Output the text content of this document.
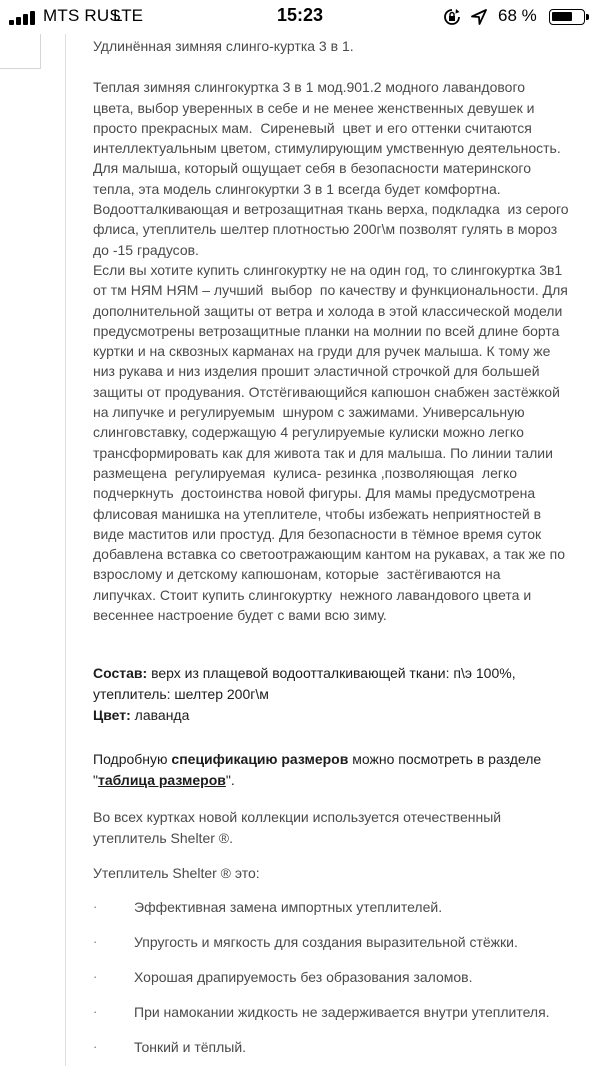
MTS RUS
LTE	15:23	68 %

Удлинённая зимняя слинго-куртка 3 в 1.

Теплая зимняя слингокуртка 3 в 1 мод.901.2 модного лавандового
цвета, выбор уверенных в себе и не менее женственных девушек и
просто прекрасных мам.  Сиреневый  цвет и его оттенки считаются
интеллектуальным цветом, стимулирующим умственную деятельность.
Для малыша, который ощущает себя в безопасности материнского
тепла, эта модель слингокуртки 3 в 1 всегда будет комфортна.
Водоотталкивающая и ветрозащитная ткань верха, подкладка  из серого
флиса, утеплитель шелтер плотностью 200г\м позволят гулять в мороз
до -15 градусов.
Если вы хотите купить слингокуртку не на один год, то слингокуртка 3в1
от тм НЯМ НЯМ – лучший  выбор  по качеству и функциональности. Для
дополнительной защиты от ветра и холода в этой классической модели
предусмотрены ветрозащитные планки на молнии по всей длине борта
куртки и на сквозных карманах на груди для ручек малыша. К тому же
низ рукава и низ изделия прошит эластичной строчкой для большей
защиты от продувания. Отстёгивающийся капюшон снабжен застёжкой
на липучке и регулируемым  шнуром с зажимами. Универсальную
слинговставку, содержащую 4 регулируемые кулиски можно легко
трансформировать как для живота так и для малыша. По линии талии
размещена  регулируемая  кулиса- резинка ,позволяющая  легко
подчеркнуть  достоинства новой фигуры. Для мамы предусмотрена
флисовая манишка на утеплителе, чтобы избежать неприятностей в
виде маститов или простуд. Для безопасности в тёмное время суток
добавлена вставка со светоотражающим кантом на рукавах, а так же по
взрослому и детскому капюшонам, которые  застёгиваются на
липучках. Стоит купить слингокуртку  нежного лавандового цвета и
весеннее настроение будет с вами всю зиму.
Состав: верх из плащевой водоотталкивающей ткани: п\э 100%,
утеплитель: шелтер 200г\м
Цвет: лаванда
Подробную спецификацию размеров можно посмотреть в разделе
"таблица размеров".
Во всех куртках новой коллекции используется отечественный
утеплитель Shelter ®.
Утеплитель Shelter ® это:
·	Эффективная замена импортных утеплителей.
·	Упругость и мягкость для создания выразительной стёжки.
·	Хорошая драпируемость без образования заломов.
·	При намокании жидкость не задерживается внутри утеплителя.
·	Тонкий и тёплый.
